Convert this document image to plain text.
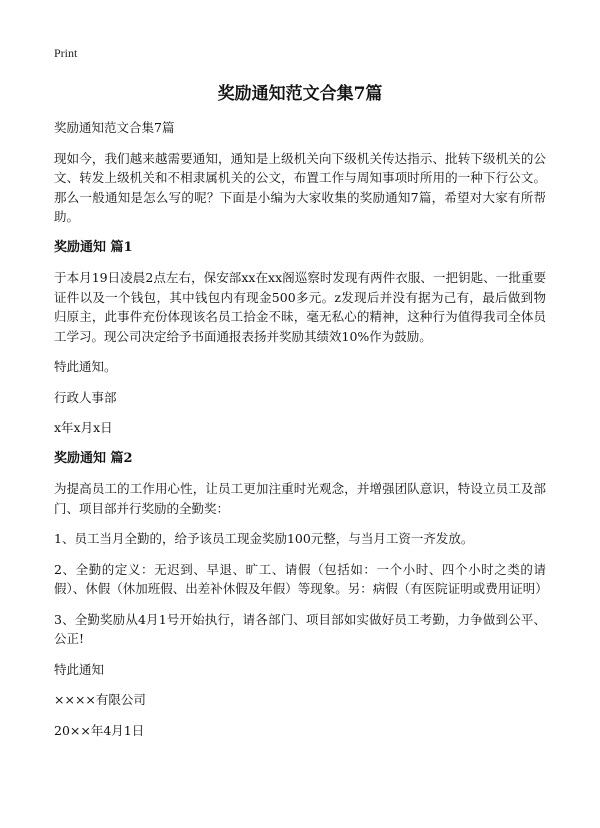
Print
奖励通知范文合集7篇

奖励通知范文合集7篇

现如今，我们越来越需要通知，通知是上级机关向下级机关传达指示、批转下级机关的公文、转发上级机关和不相隶属机关的公文，布置工作与周知事项时所用的一种下行公文。那么一般通知是怎么写的呢？下面是小编为大家收集的奖励通知7篇，希望对大家有所帮助。

奖励通知 篇1

于本月19日凌晨2点左右，保安部xx在xx阁巡察时发现有两件衣服、一把钥匙、一批重要证件以及一个钱包，其中钱包内有现金500多元。z发现后并没有据为己有，最后做到物归原主，此事件充份体现该名员工拾金不昧，毫无私心的精神，这种行为值得我司全体员工学习。现公司决定给予书面通报表扬并奖励其绩效10%作为鼓励。

特此通知。

行政人事部

x年x月x日

奖励通知 篇2

为提高员工的工作用心性，让员工更加注重时光观念，并增强团队意识，特设立员工及部门、项目部并行奖励的全勤奖：

1、员工当月全勤的，给予该员工现金奖励100元整，与当月工资一齐发放。

2、全勤的定义：无迟到、早退、旷工、请假（包括如：一个小时、四个小时之类的请假）、休假（休加班假、出差补休假及年假）等现象。另：病假（有医院证明或费用证明）

3、全勤奖励从4月1号开始执行，请各部门、项目部如实做好员工考勤，力争做到公平、公正!

特此通知

××××有限公司

20××年4月1日
